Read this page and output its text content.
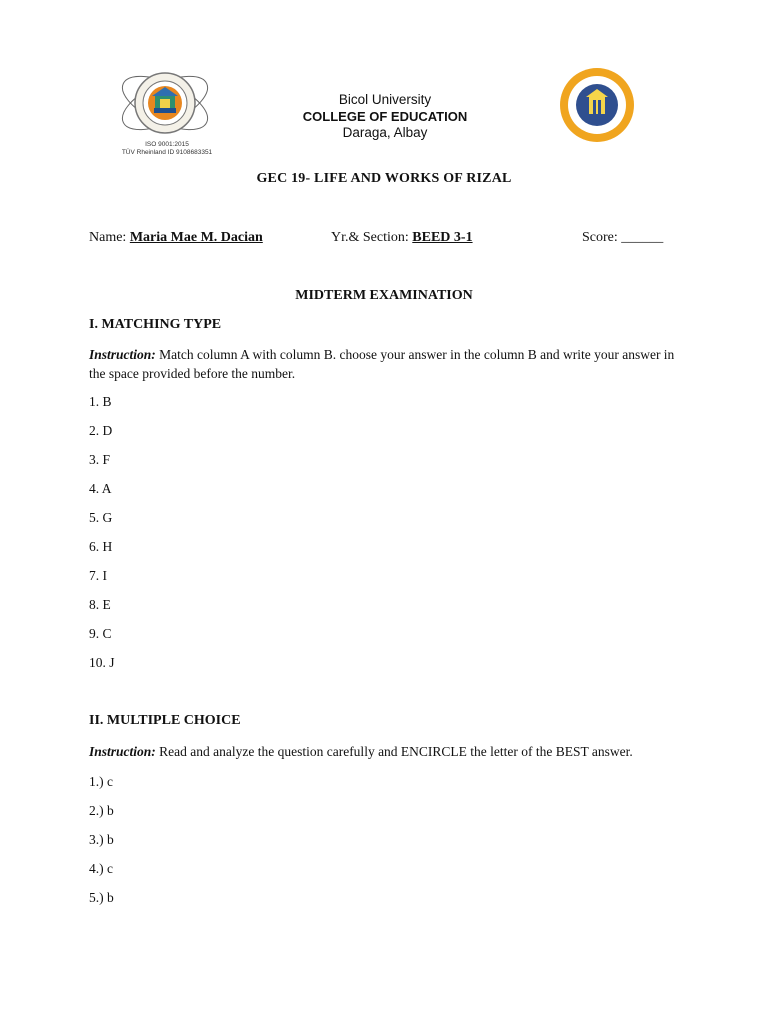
ISO 9001:2015
TÜV Rheinland ID 9108683351
Bicol University
COLLEGE OF EDUCATION
Daraga, Albay
GEC 19- LIFE AND WORKS OF RIZAL
Name: Maria Mae M. Dacian	Yr.& Section: BEED 3-1	Score: ______
MIDTERM EXAMINATION
I. MATCHING TYPE
Instruction: Match column A with column B. choose your answer in the column B and write your answer in the space provided before the number.
1. B
2. D
3. F
4. A
5. G
6. H
7. I
8. E
9. C
10. J
II. MULTIPLE CHOICE
Instruction: Read and analyze the question carefully and ENCIRCLE the letter of the BEST answer.
1.) c
2.) b
3.) b
4.) c
5.) b
